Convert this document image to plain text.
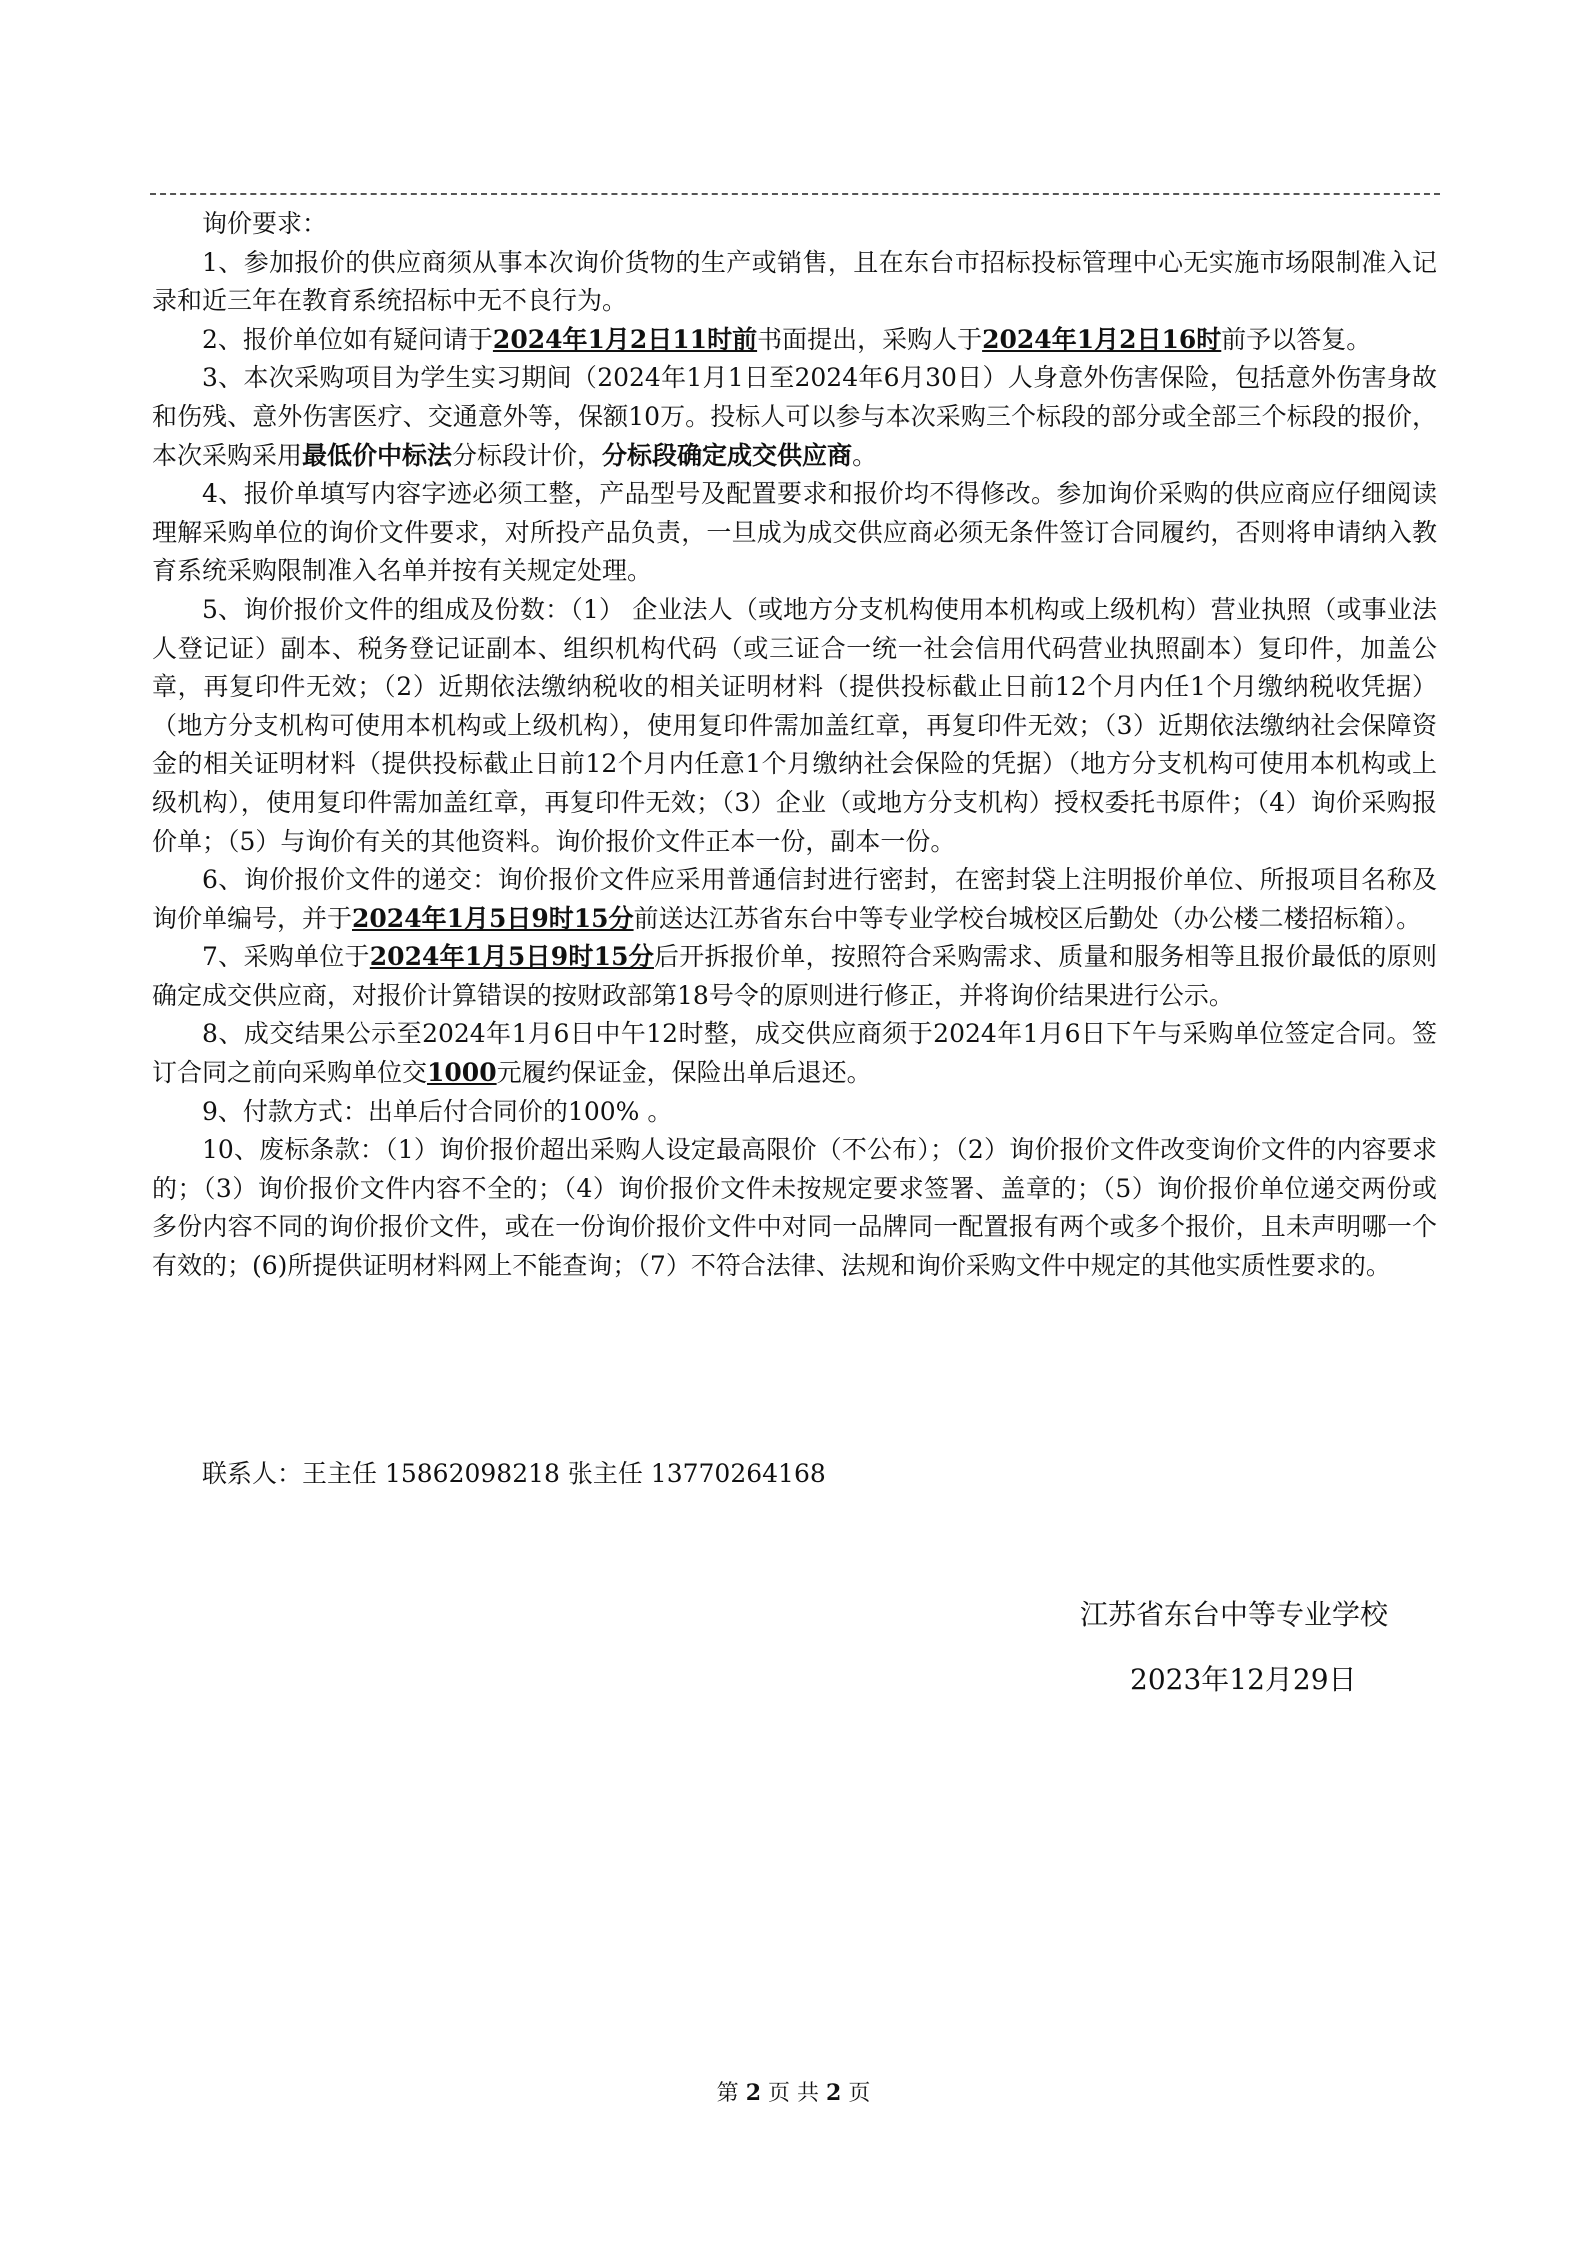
询价要求：

1、参加报价的供应商须从事本次询价货物的生产或销售，且在东台市招标投标管理中心无实施市场限制准入记录和近三年在教育系统招标中无不良行为。

2、报价单位如有疑问请于2024年1月2日11时前书面提出，采购人于2024年1月2日16时前予以答复。

3、本次采购项目为学生实习期间（2024年1月1日至2024年6月30日）人身意外伤害保险，包括意外伤害身故和伤残、意外伤害医疗、交通意外等，保额10万。投标人可以参与本次采购三个标段的部分或全部三个标段的报价，本次采购采用最低价中标法分标段计价，分标段确定成交供应商。

4、报价单填写内容字迹必须工整，产品型号及配置要求和报价均不得修改。参加询价采购的供应商应仔细阅读理解采购单位的询价文件要求，对所投产品负责，一旦成为成交供应商必须无条件签订合同履约，否则将申请纳入教育系统采购限制准入名单并按有关规定处理。

5、询价报价文件的组成及份数：（1） 企业法人（或地方分支机构使用本机构或上级机构）营业执照（或事业法人登记证）副本、税务登记证副本、组织机构代码（或三证合一统一社会信用代码营业执照副本）复印件，加盖公章，再复印件无效；（2）近期依法缴纳税收的相关证明材料（提供投标截止日前12个月内任1个月缴纳税收凭据）（地方分支机构可使用本机构或上级机构），使用复印件需加盖红章，再复印件无效；（3）近期依法缴纳社会保障资金的相关证明材料（提供投标截止日前12个月内任意1个月缴纳社会保险的凭据）（地方分支机构可使用本机构或上级机构），使用复印件需加盖红章，再复印件无效；（3）企业（或地方分支机构）授权委托书原件；（4）询价采购报价单；（5）与询价有关的其他资料。询价报价文件正本一份，副本一份。

6、询价报价文件的递交：询价报价文件应采用普通信封进行密封，在密封袋上注明报价单位、所报项目名称及询价单编号，并于2024年1月5日9时15分前送达江苏省东台中等专业学校台城校区后勤处（办公楼二楼招标箱）。

7、采购单位于2024年1月5日9时15分后开拆报价单，按照符合采购需求、质量和服务相等且报价最低的原则确定成交供应商，对报价计算错误的按财政部第18号令的原则进行修正，并将询价结果进行公示。

8、成交结果公示至2024年1月6日中午12时整，成交供应商须于2024年1月6日下午与采购单位签定合同。签订合同之前向采购单位交1000元履约保证金，保险出单后退还。

9、付款方式：出单后付合同价的100% 。

10、废标条款：（1）询价报价超出采购人设定最高限价（不公布）；（2）询价报价文件改变询价文件的内容要求的；（3）询价报价文件内容不全的；（4）询价报价文件未按规定要求签署、盖章的；（5）询价报价单位递交两份或多份内容不同的询价报价文件，或在一份询价报价文件中对同一品牌同一配置报有两个或多个报价，且未声明哪一个有效的；(6)所提供证明材料网上不能查询；（7）不符合法律、法规和询价采购文件中规定的其他实质性要求的。

联系人：王主任 15862098218 张主任 13770264168
江苏省东台中等专业学校
2023年12月29日
第 2 页 共 2 页
